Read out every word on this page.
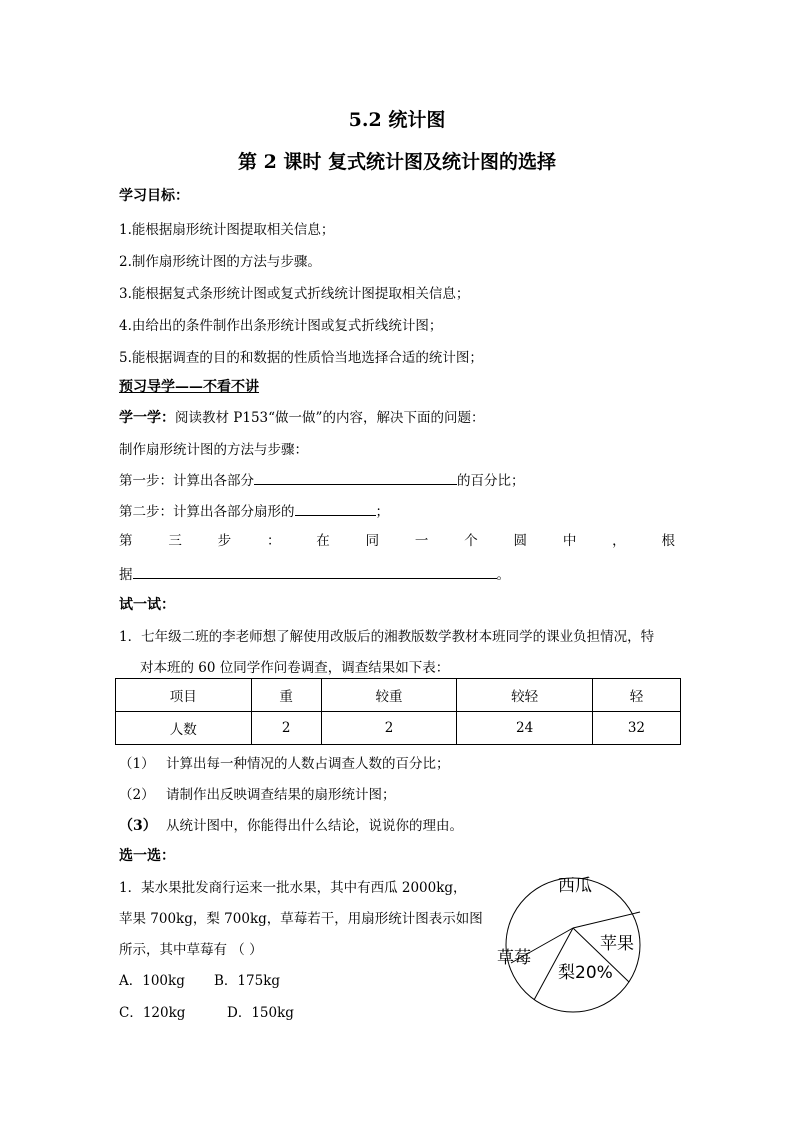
5.2 统计图
第 2 课时 复式统计图及统计图的选择
学习目标：
1.能根据扇形统计图提取相关信息；
2.制作扇形统计图的方法与步骤。
3.能根据复式条形统计图或复式折线统计图提取相关信息；
4.由给出的条件制作出条形统计图或复式折线统计图；
5.能根据调查的目的和数据的性质恰当地选择合适的统计图；
预习导学——不看不讲
学一学：阅读教材 P153“做一做”的内容，解决下面的问题：
制作扇形统计图的方法与步骤：
第一步：计算出各部分	的百分比；
第二步：计算出各部分扇形的	；
第	三	步	：	在	同	一	个	圆	中	，	根
据	。
试一试：
1．七年级二班的李老师想了解使用改版后的湘教版数学教材本班同学的课业负担情况，特
对本班的 60 位同学作问卷调查，调查结果如下表：
项目	重	较重	较轻	轻
人数	2	2	24	32
（1） 计算出每一种情况的人数占调查人数的百分比；
（2） 请制作出反映调查结果的扇形统计图；
（3） 从统计图中，你能得出什么结论，说说你的理由。
选一选：
1．某水果批发商行运来一批水果，其中有西瓜 2000kg，
苹果 700kg，梨 700kg，草莓若干，用扇形统计图表示如图
所示，其中草莓有 （ ）
A．100kg B．175kg
C．120kg	D．150kg
西瓜
苹果
梨20%
草莓
